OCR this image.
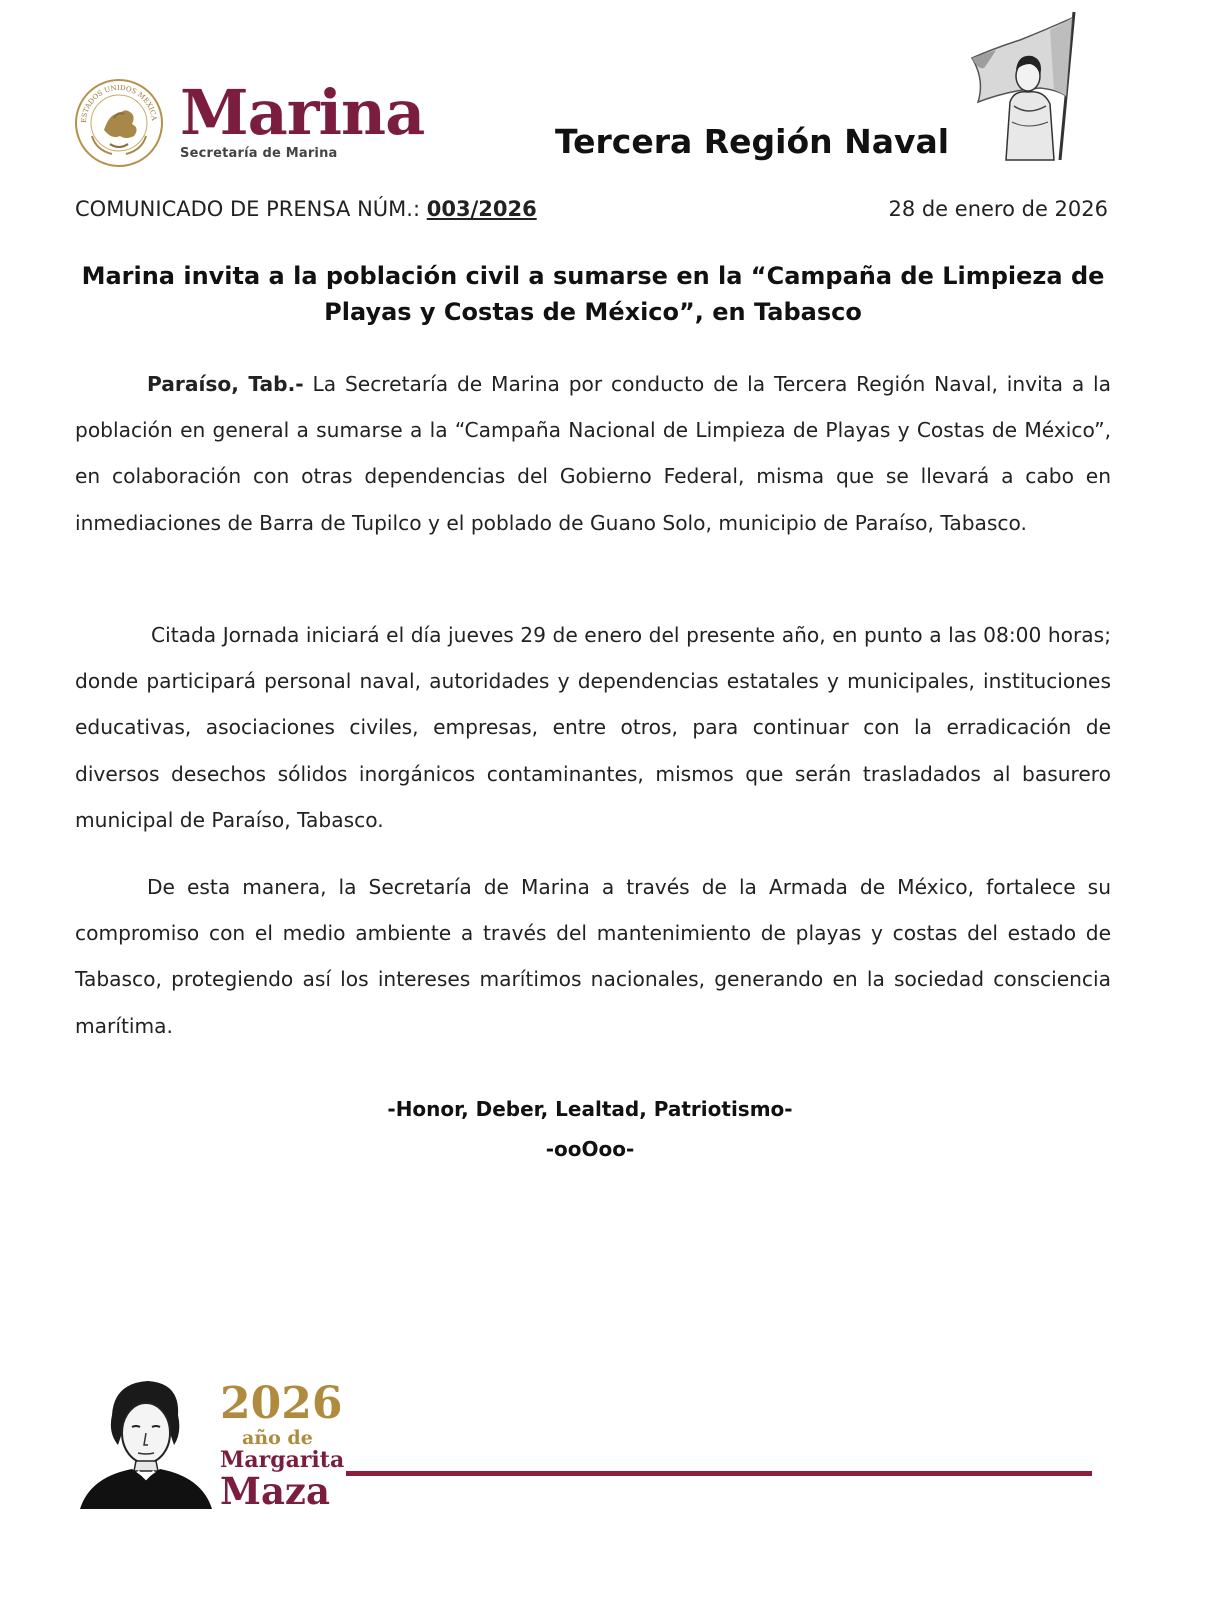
ESTADOS UNIDOS MEXICA Marina
Secretaría de Marina	Tercera Región Naval
COMUNICADO DE PRENSA NÚM.: 003/2026	28 de enero de 2026
Marina invita a la población civil a sumarse en la “Campaña de Limpieza de Playas y Costas de México”, en Tabasco

Paraíso, Tab.- La Secretaría de Marina por conducto de la Tercera Región Naval, invita a la población en general a sumarse a la “Campaña Nacional de Limpieza de Playas y Costas de México”, en colaboración con otras dependencias del Gobierno Federal, misma que se llevará a cabo en inmediaciones de Barra de Tupilco y el poblado de Guano Solo, municipio de Paraíso, Tabasco.

Citada Jornada iniciará el día jueves 29 de enero del presente año, en punto a las 08:00 horas; donde participará personal naval, autoridades y dependencias estatales y municipales, instituciones educativas, asociaciones civiles, empresas, entre otros, para continuar con la erradicación de diversos desechos sólidos inorgánicos contaminantes, mismos que serán trasladados al basurero municipal de Paraíso, Tabasco.

De esta manera, la Secretaría de Marina a través de la Armada de México, fortalece su compromiso con el medio ambiente a través del mantenimiento de playas y costas del estado de Tabasco, protegiendo así los intereses marítimos nacionales, generando en la sociedad consciencia marítima.

-Honor, Deber, Lealtad, Patriotismo-
-ooOoo-
2026
año de
Margarita
Maza
